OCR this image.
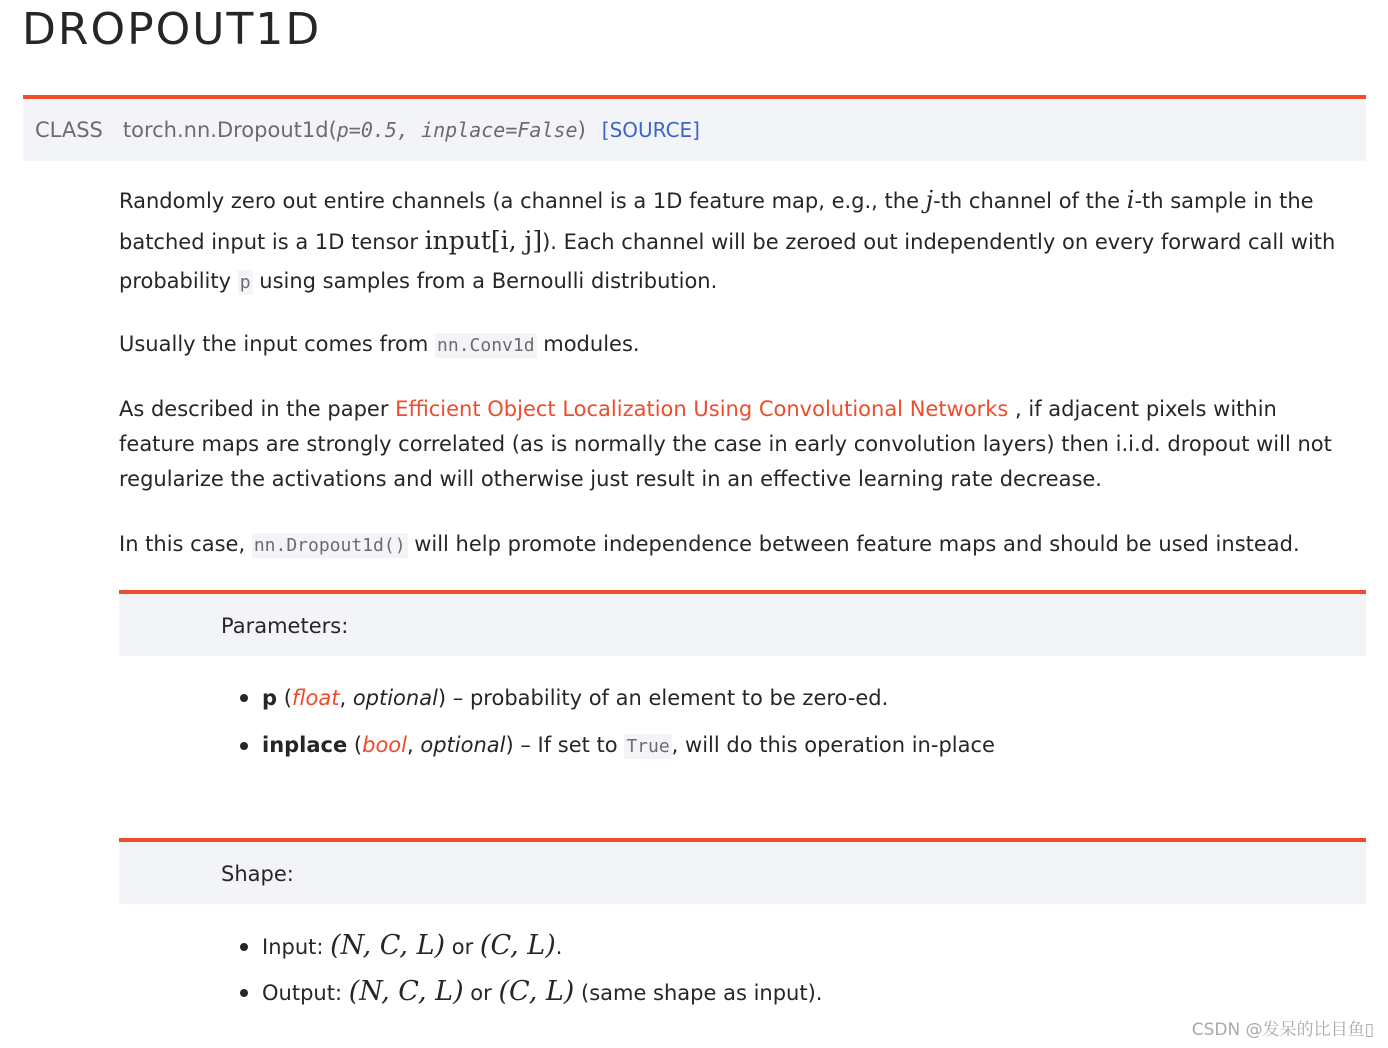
DROPOUT1D
CLASS torch.nn.Dropout1d(p=0.5, inplace=False) [SOURCE]

Randomly zero out entire channels (a channel is a 1D feature map, e.g., the j-th channel of the i-th sample in the batched input is a 1D tensor input[i, j]). Each channel will be zeroed out independently on every forward call with probability p using samples from a Bernoulli distribution.

Usually the input comes from nn.Conv1d modules.

As described in the paper Efficient Object Localization Using Convolutional Networks , if adjacent pixels within feature maps are strongly correlated (as is normally the case in early convolution layers) then i.i.d. dropout will not regularize the activations and will otherwise just result in an effective learning rate decrease.

In this case, nn.Dropout1d() will help promote independence between feature maps and should be used instead.

Parameters:
p (float, optional) – probability of an element to be zero-ed.
inplace (bool, optional) – If set to True, will do this operation in-place
Shape:
Input: (N, C, L) or (C, L).
Output: (N, C, L) or (C, L) (same shape as input).
CSDN @发呆的比目鱼▯
